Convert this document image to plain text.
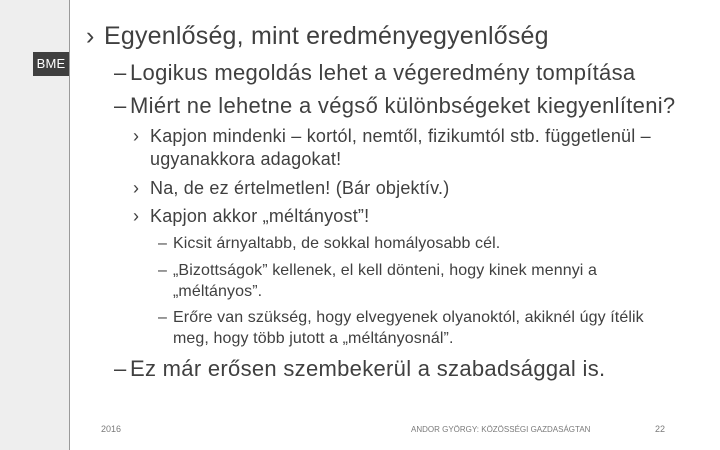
BME
› Egyenlőség, mint eredményegyenlőség
– Logikus megoldás lehet a végeredmény tompítása
– Miért ne lehetne a végső különbségeket kiegyenlíteni?
› Kapjon mindenki – kortól, nemtől, fizikumtól stb. függetlenül –
ugyanakkora adagokat!
› Na, de ez értelmetlen! (Bár objektív.)
› Kapjon akkor „méltányost”!
– Kicsit árnyaltabb, de sokkal homályosabb cél.
– „Bizottságok” kellenek, el kell dönteni, hogy kinek mennyi a
„méltányos”.
– Erőre van szükség, hogy elvegyenek olyanoktól, akiknél úgy ítélik
meg, hogy több jutott a „méltányosnál”.
– Ez már erősen szembekerül a szabadsággal is.
2016	ANDOR GYÖRGY: KÖZÖSSÉGI GAZDASÁGTAN	22
